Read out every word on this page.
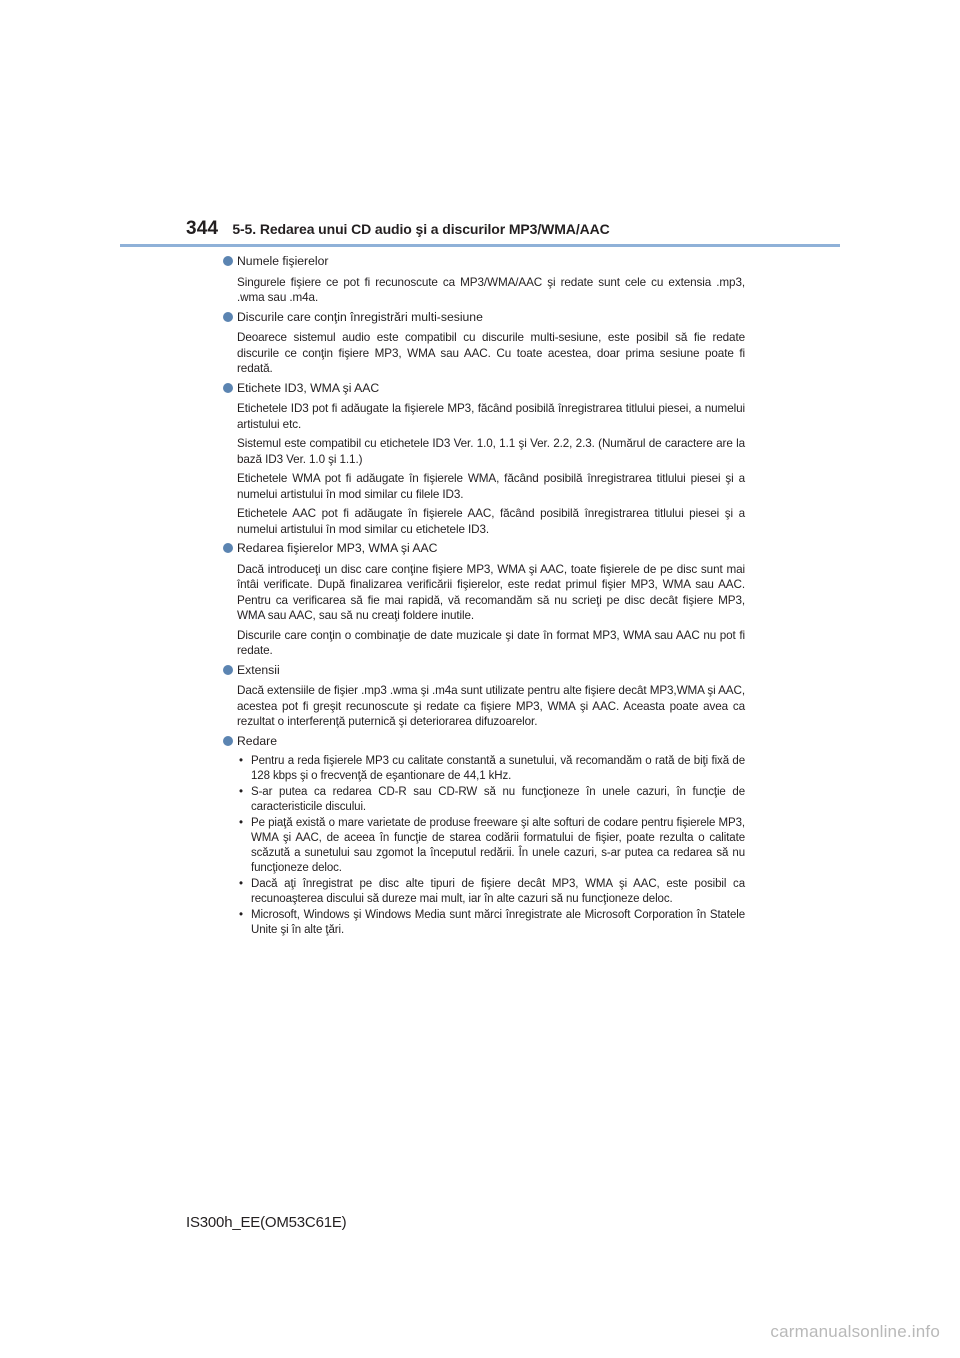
344 5-5. Redarea unui CD audio şi a discurilor MP3/WMA/AAC
Numele fişierelor

Singurele fişiere ce pot fi recunoscute ca MP3/WMA/AAC şi redate sunt cele cu extensia .mp3, .wma sau .m4a.

Discurile care conţin înregistrări multi-sesiune

Deoarece sistemul audio este compatibil cu discurile multi-sesiune, este posibil să fie redate discurile ce conţin fişiere MP3, WMA sau AAC. Cu toate acestea, doar prima sesiune poate fi redată.

Etichete ID3, WMA şi AAC

Etichetele ID3 pot fi adăugate la fişierele MP3, făcând posibilă înregistrarea titlului piesei, a numelui artistului etc.

Sistemul este compatibil cu etichetele ID3 Ver. 1.0, 1.1 şi Ver. 2.2, 2.3. (Numărul de caractere are la bază ID3 Ver. 1.0 şi 1.1.)

Etichetele WMA pot fi adăugate în fişierele WMA, făcând posibilă înregistrarea titlului piesei şi a numelui artistului în mod similar cu filele ID3.

Etichetele AAC pot fi adăugate în fişierele AAC, făcând posibilă înregistrarea titlului piesei şi a numelui artistului în mod similar cu etichetele ID3.

Redarea fişierelor MP3, WMA şi AAC

Dacă introduceţi un disc care conţine fişiere MP3, WMA şi AAC, toate fişierele de pe disc sunt mai întâi verificate. După finalizarea verificării fişierelor, este redat primul fişier MP3, WMA sau AAC. Pentru ca verificarea să fie mai rapidă, vă recomandăm să nu scrieţi pe disc decât fişiere MP3, WMA sau AAC, sau să nu creaţi foldere inutile.

Discurile care conţin o combinaţie de date muzicale şi date în format MP3, WMA sau AAC nu pot fi redate.

Extensii

Dacă extensiile de fişier .mp3 .wma şi .m4a sunt utilizate pentru alte fişiere decât MP3,WMA şi AAC, acestea pot fi greşit recunoscute şi redate ca fişiere MP3, WMA şi AAC. Aceasta poate avea ca rezultat o interferenţă puternică şi deteriorarea difuzoarelor.

Redare
• Pentru a reda fişierele MP3 cu calitate constantă a sunetului, vă recomandăm o rată de biţi fixă de 128 kbps şi o frecvenţă de eşantionare de 44,1 kHz.
• S-ar putea ca redarea CD-R sau CD-RW să nu funcţioneze în unele cazuri, în funcţie de caracteristicile discului.
• Pe piaţă există o mare varietate de produse freeware şi alte softuri de codare pentru fişierele MP3, WMA şi AAC, de aceea în funcţie de starea codării formatului de fişier, poate rezulta o calitate scăzută a sunetului sau zgomot la începutul redării. În unele cazuri, s-ar putea ca redarea să nu funcţioneze deloc.
• Dacă aţi înregistrat pe disc alte tipuri de fişiere decât MP3, WMA şi AAC, este posibil ca recunoaşterea discului să dureze mai mult, iar în alte cazuri să nu funcţioneze deloc.
• Microsoft, Windows şi Windows Media sunt mărci înregistrate ale Microsoft Corporation în Statele Unite şi în alte ţări.
IS300h_EE(OM53C61E)
carmanualsonline.info
